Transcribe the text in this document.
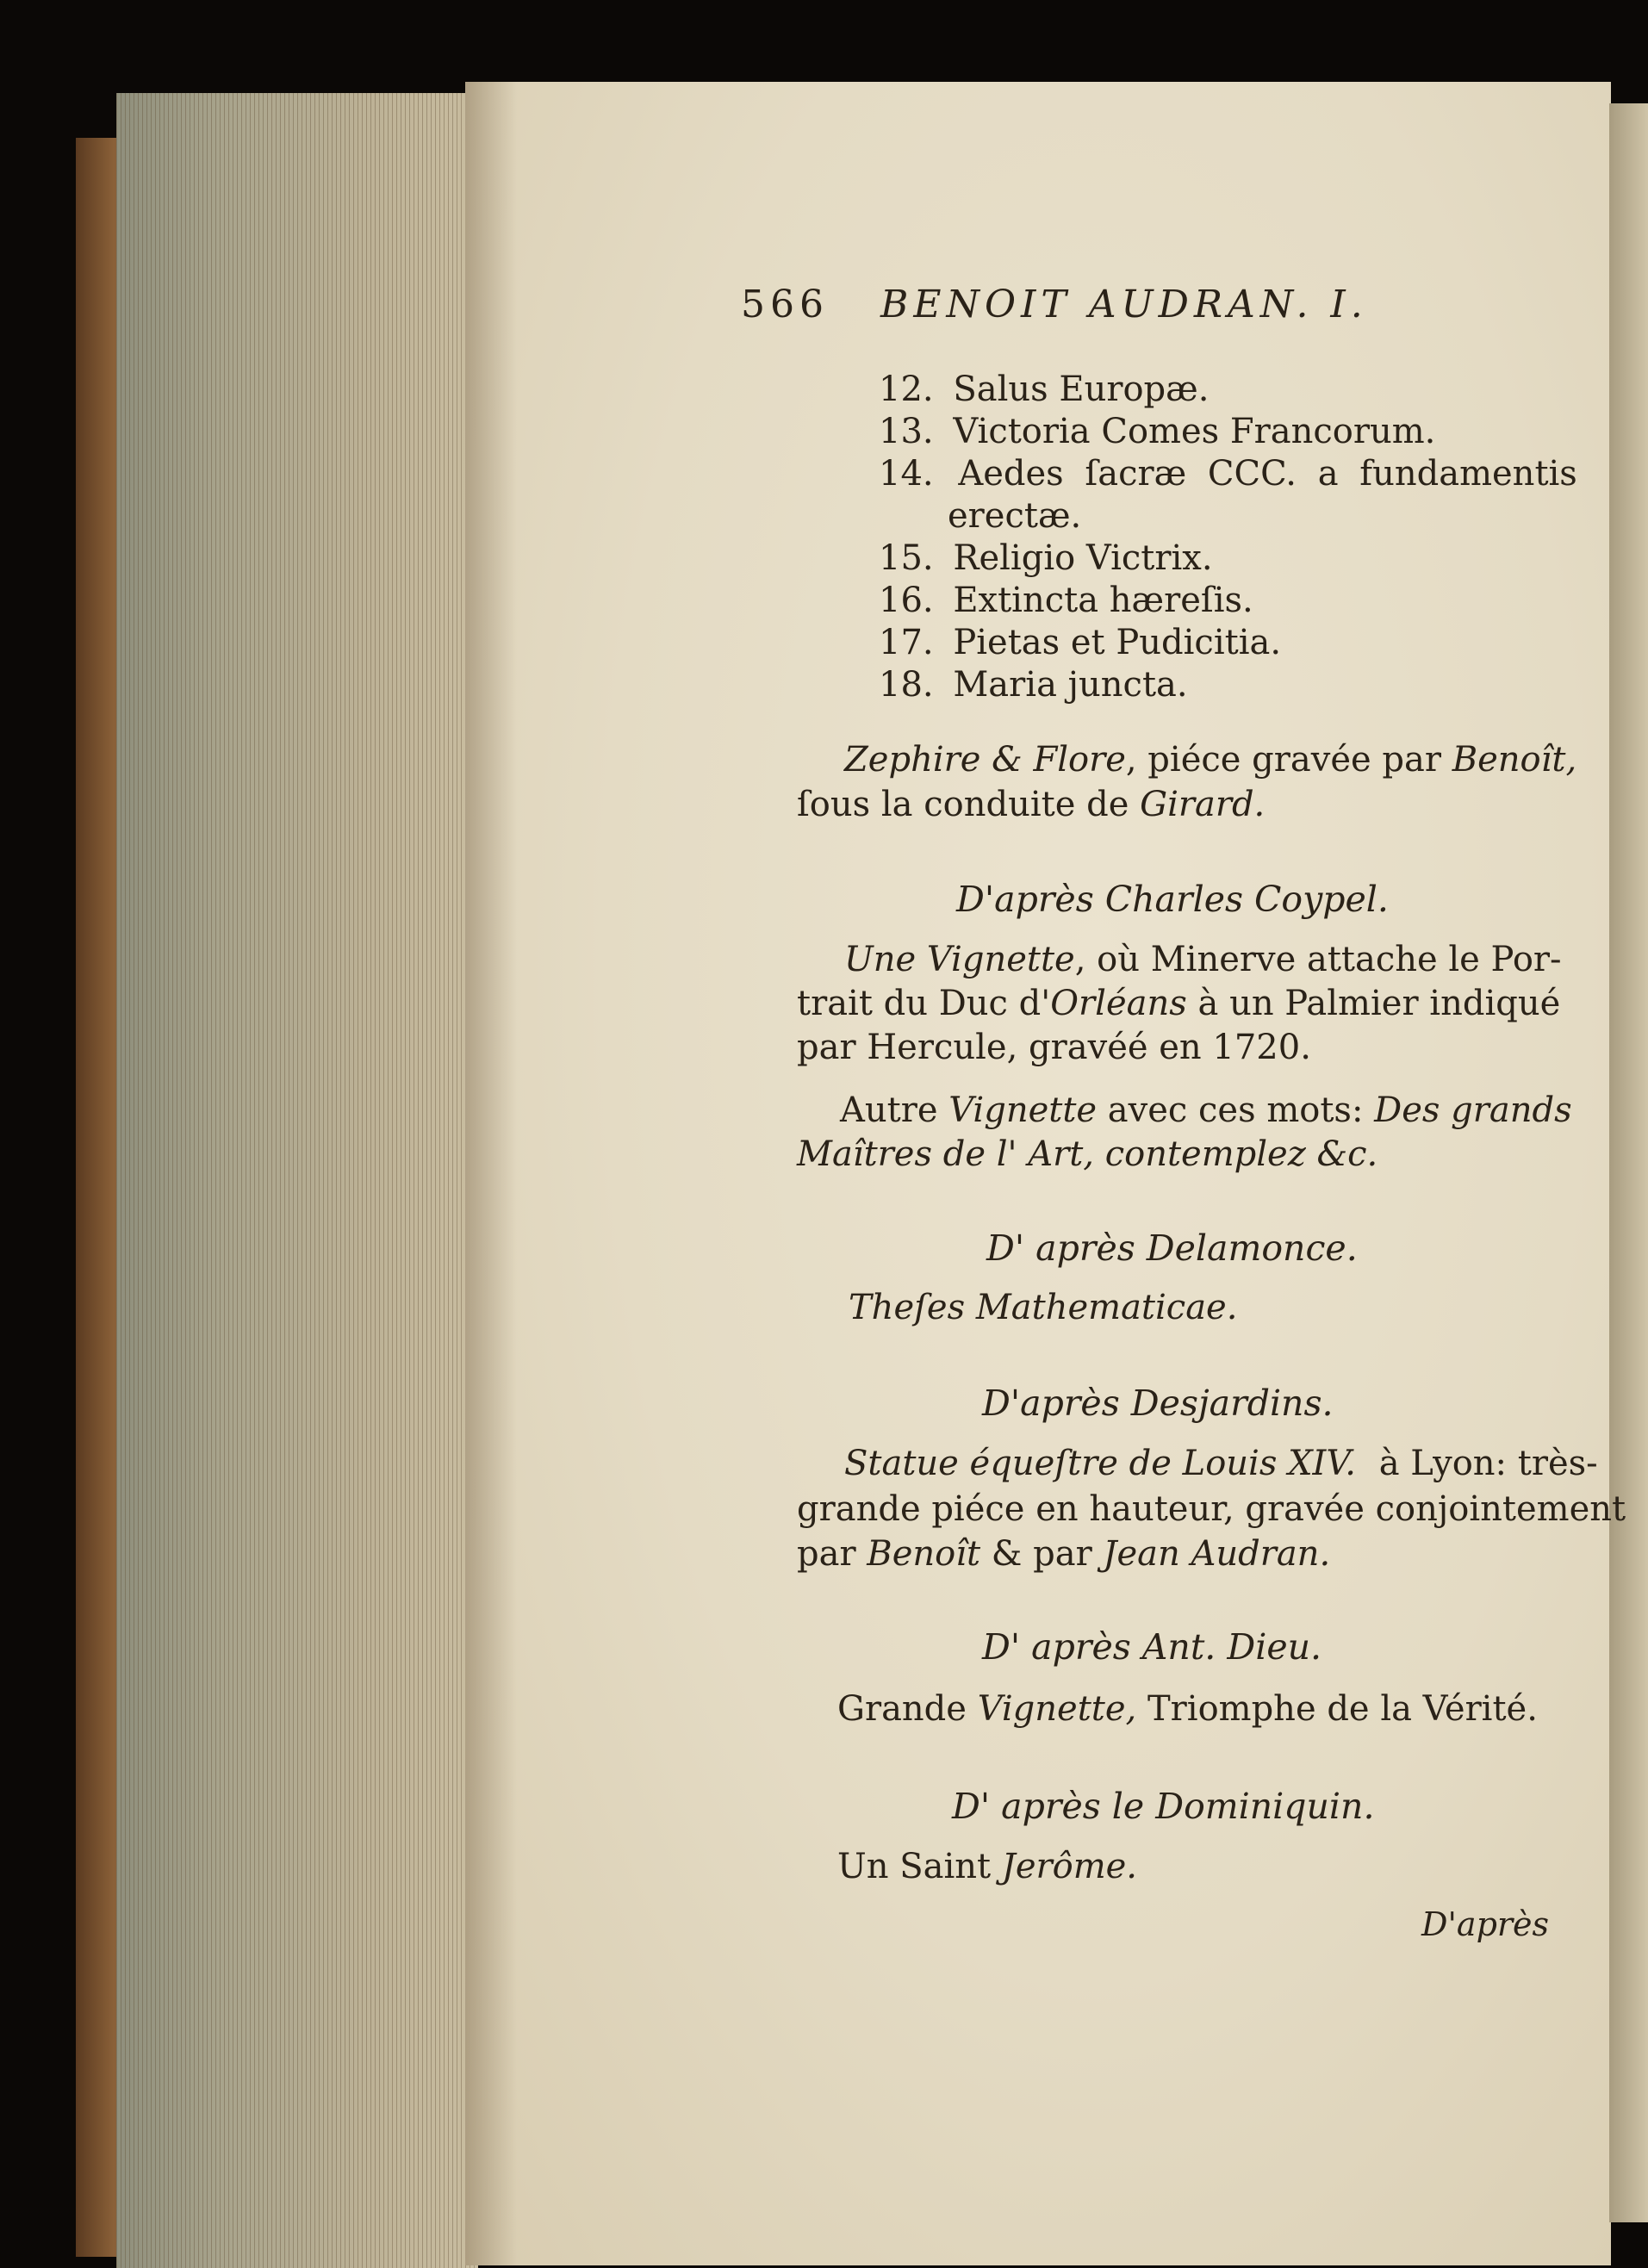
566 BENOIT AUDRAN. I.
12. Salus Europæ.
13. Victoria Comes Francorum.
14. Aedes ſacræ CCC. a fundamentis
erectæ.
15. Religio Victrix.
16. Extincta hæreſis.
17. Pietas et Pudicitia.
18. Maria juncta.
Zephire & Flore, piéce gravée par Benoît,
ſous la conduite de Girard.
D'après Charles Coypel.
Une Vignette, où Minerve attache le Por-
trait du Duc d'Orléans à un Palmier indiqué
par Hercule, gravéé en 1720.
Autre Vignette avec ces mots: Des grands
Maîtres de l' Art, contemplez &c.
D' après Delamonce.
Theſes Mathematicae.
D'après Desjardins.
Statue équeſtre de Louis XIV. à Lyon: très-
grande piéce en hauteur, gravée conjointement
par Benoît & par Jean Audran.
D' après Ant. Dieu.
Grande Vignette, Triomphe de la Vérité.
D' après le Dominiquin.
Un Saint Jerôme.
D'après
